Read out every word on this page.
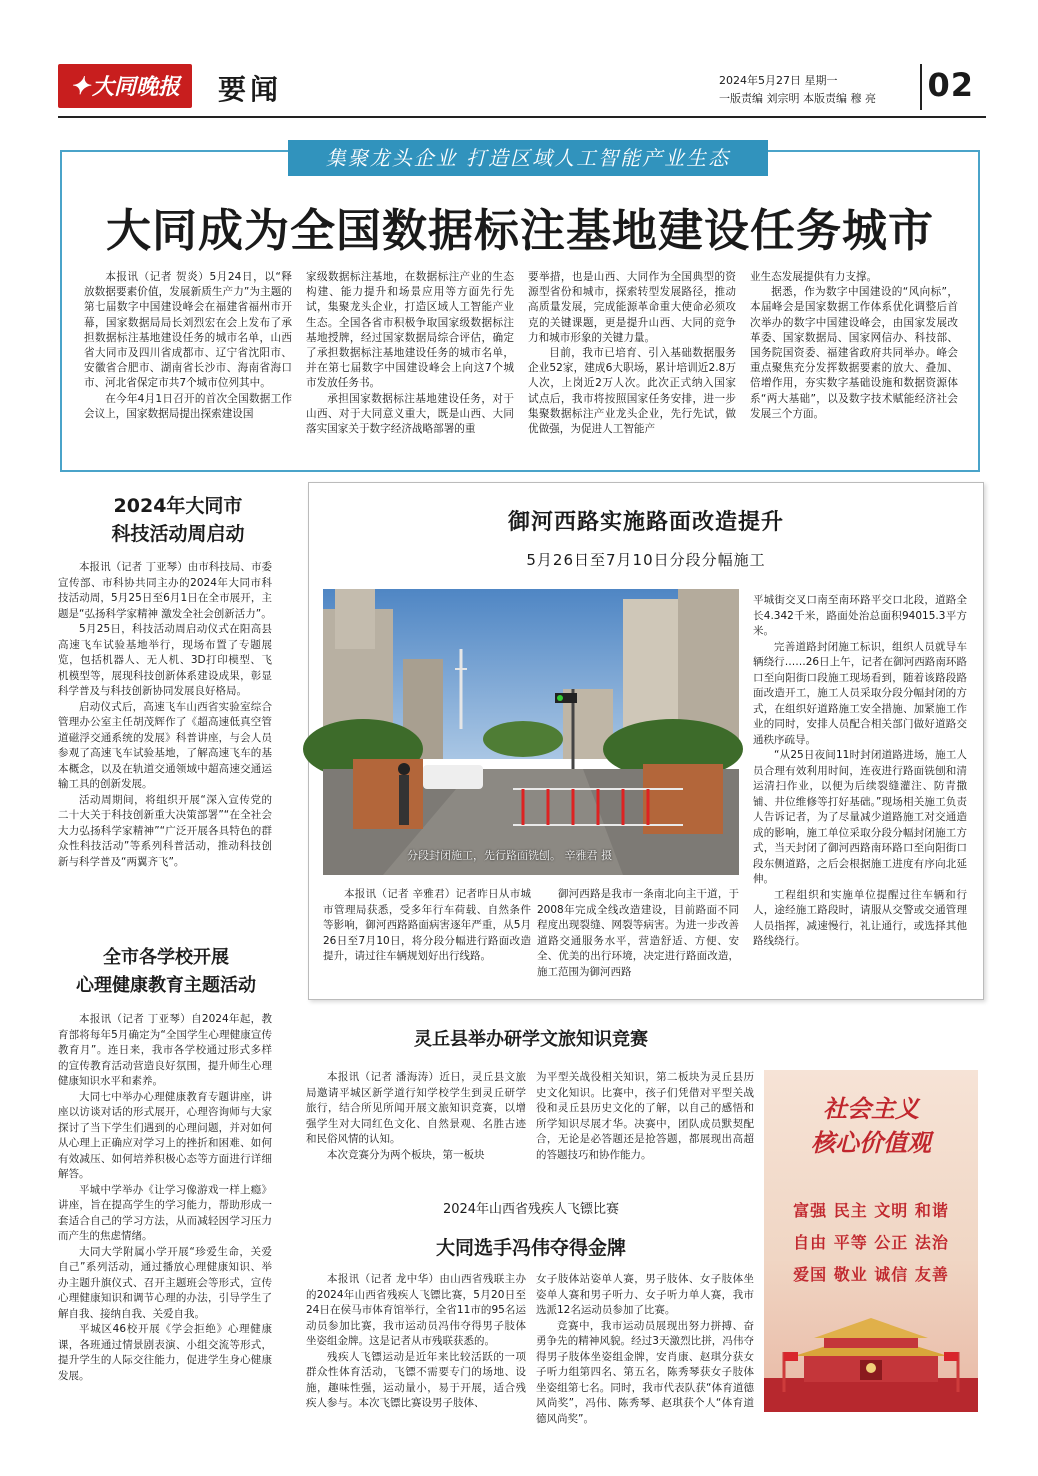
✦大同晚报	要闻	2024年5月27日 星期一
一版责编 刘宗明 本版责编 穆 亮 02
集聚龙头企业 打造区域人工智能产业生态
大同成为全国数据标注基地建设任务城市

本报讯（记者 贺炎）5月24日，以“释放数据要素价值，发展新质生产力”为主题的第七届数字中国建设峰会在福建省福州市开幕，国家数据局局长刘烈宏在会上发布了承担数据标注基地建设任务的城市名单，山西省大同市及四川省成都市、辽宁省沈阳市、安徽省合肥市、湖南省长沙市、海南省海口市、河北省保定市共7个城市位列其中。

在今年4月1日召开的首次全国数据工作会议上，国家数据局提出探索建设国

家级数据标注基地，在数据标注产业的生态构建、能力提升和场景应用等方面先行先试，集聚龙头企业，打造区域人工智能产业生态。全国各省市积极争取国家级数据标注基地授牌，经过国家数据局综合评估，确定了承担数据标注基地建设任务的城市名单，并在第七届数字中国建设峰会上向这7个城市发放任务书。

承担国家数据标注基地建设任务，对于山西、对于大同意义重大，既是山西、大同落实国家关于数字经济战略部署的重

要举措，也是山西、大同作为全国典型的资源型省份和城市，探索转型发展路径，推动高质量发展，完成能源革命重大使命必须攻克的关键课题，更是提升山西、大同的竞争力和城市形象的关键力量。

目前，我市已培育、引入基础数据服务企业52家，建成6大职场，累计培训近2.8万人次，上岗近2万人次。此次正式纳入国家试点后，我市将按照国家任务安排，进一步集聚数据标注产业龙头企业，先行先试，做优做强，为促进人工智能产

业生态发展提供有力支撑。

据悉，作为数字中国建设的“风向标”，本届峰会是国家数据工作体系优化调整后首次举办的数字中国建设峰会，由国家发展改革委、国家数据局、国家网信办、科技部、国务院国资委、福建省政府共同举办。峰会重点聚焦充分发挥数据要素的放大、叠加、倍增作用，夯实数字基础设施和数据资源体系“两大基础”，以及数字技术赋能经济社会发展三个方面。

2024年大同市
科技活动周启动

本报讯（记者 丁亚琴）由市科技局、市委宣传部、市科协共同主办的2024年大同市科技活动周，5月25日至6月1日在全市展开，主题是“弘扬科学家精神 激发全社会创新活力”。

5月25日，科技活动周启动仪式在阳高县高速飞车试验基地举行，现场布置了专题展览，包括机器人、无人机、3D打印模型、飞机模型等，展现科技创新体系建设成果，彰显科学普及与科技创新协同发展良好格局。

启动仪式后，高速飞车山西省实验室综合管理办公室主任胡茂辉作了《超高速低真空管道磁浮交通系统的发展》科普讲座，与会人员参观了高速飞车试验基地，了解高速飞车的基本概念，以及在轨道交通领域中超高速交通运输工具的创新发展。

活动周期间，将组织开展“深入宣传党的二十大关于科技创新重大决策部署”“在全社会大力弘扬科学家精神”“广泛开展各具特色的群众性科技活动”等系列科普活动，推动科技创新与科学普及“两翼齐飞”。

全市各学校开展
心理健康教育主题活动

本报讯（记者 丁亚琴）自2024年起，教育部将每年5月确定为“全国学生心理健康宣传教育月”。连日来，我市各学校通过形式多样的宣传教育活动营造良好氛围，提升师生心理健康知识水平和素养。

大同七中举办心理健康教育专题讲座，讲座以访谈对话的形式展开，心理咨询师与大家探讨了当下学生们遇到的心理问题，并对如何从心理上正确应对学习上的挫折和困难、如何有效减压、如何培养积极心态等方面进行详细解答。

平城中学举办《让学习像游戏一样上瘾》讲座，旨在提高学生的学习能力，帮助形成一套适合自己的学习方法，从而减轻因学习压力而产生的焦虑情绪。

大同大学附属小学开展“珍爱生命，关爱自己”系列活动，通过播放心理健康知识、举办主题升旗仪式、召开主题班会等形式，宣传心理健康知识和调节心理的办法，引导学生了解自我、接纳自我、关爱自我。

平城区46校开展《学会拒绝》心理健康课，各班通过情景剧表演、小组交流等形式，提升学生的人际交往能力，促进学生身心健康发展。

御河西路实施路面改造提升
5月26日至7月10日分段分幅施工
分段封闭施工，先行路面铣刨。 辛雅君 摄

本报讯（记者 辛雅君）记者昨日从市城市管理局获悉，受多年行车荷载、自然条件等影响，御河西路路面病害逐年严重，从5月26日至7月10日，将分段分幅进行路面改造提升，请过往车辆规划好出行线路。

御河西路是我市一条南北向主干道，于2008年完成全线改造建设，目前路面不同程度出现裂缝、网裂等病害。为进一步改善道路交通服务水平，营造舒适、方便、安全、优美的出行环境，决定进行路面改造，施工范围为御河西路

平城街交叉口南至南环路平交口北段，道路全长4.342千米，路面处治总面积94015.3平方米。

完善道路封闭施工标识，组织人员就导车辆绕行……26日上午，记者在御河西路南环路口至向阳街口段施工现场看到，随着该路段路面改造开工，施工人员采取分段分幅封闭的方式，在组织好道路施工安全措施、加紧施工作业的同时，安排人员配合相关部门做好道路交通秩序疏导。

“从25日夜间11时封闭道路进场，施工人员合理有效利用时间，连夜进行路面铣刨和清运清扫作业，以便为后续裂缝灌注、防青撒铺、井位维修等打好基础。”现场相关施工负责人告诉记者，为了尽量减少道路施工对交通造成的影响，施工单位采取分段分幅封闭施工方式，当天封闭了御河西路南环路口至向阳街口段东侧道路，之后会根据施工进度有序向北延伸。

工程组织和实施单位提醒过往车辆和行人，途经施工路段时，请服从交警或交通管理人员指挥，减速慢行，礼让通行，或选择其他路线绕行。

灵丘县举办研学文旅知识竞赛

本报讯（记者 潘海涛）近日，灵丘县文旅局邀请平城区新学道行知学校学生到灵丘研学旅行，结合所见所闻开展文旅知识竞赛，以增强学生对大同红色文化、自然景观、名胜古迹和民俗风情的认知。

本次竞赛分为两个板块，第一板块

为平型关战役相关知识，第二板块为灵丘县历史文化知识。比赛中，孩子们凭借对平型关战役和灵丘县历史文化的了解，以自己的感悟和所学知识尽展才华。决赛中，团队成员默契配合，无论是必答题还是抢答题，都展现出高超的答题技巧和协作能力。

2024年山西省残疾人飞镖比赛
大同选手冯伟夺得金牌

本报讯（记者 龙中华）由山西省残联主办的2024年山西省残疾人飞镖比赛，5月20日至24日在侯马市体育馆举行，全省11市的95名运动员参加比赛，我市运动员冯伟夺得男子肢体坐姿组金牌。这是记者从市残联获悉的。

残疾人飞镖运动是近年来比较活跃的一项群众性体育活动，飞镖不需要专门的场地、设施，趣味性强，运动量小，易于开展，适合残疾人参与。本次飞镖比赛设男子肢体、

女子肢体站姿单人赛，男子肢体、女子肢体坐姿单人赛和男子听力、女子听力单人赛，我市选派12名运动员参加了比赛。

竞赛中，我市运动员展现出努力拼搏、奋勇争先的精神风貌。经过3天激烈比拼，冯伟夺得男子肢体坐姿组金牌，安肖康、赵琪分获女子听力组第四名、第五名，陈秀琴获女子肢体坐姿组第七名。同时，我市代表队获“体育道德风尚奖”，冯伟、陈秀琴、赵琪获个人“体育道德风尚奖”。

社会主义
核心价值观
富强 民主 文明 和谐
自由 平等 公正 法治
爱国 敬业 诚信 友善
